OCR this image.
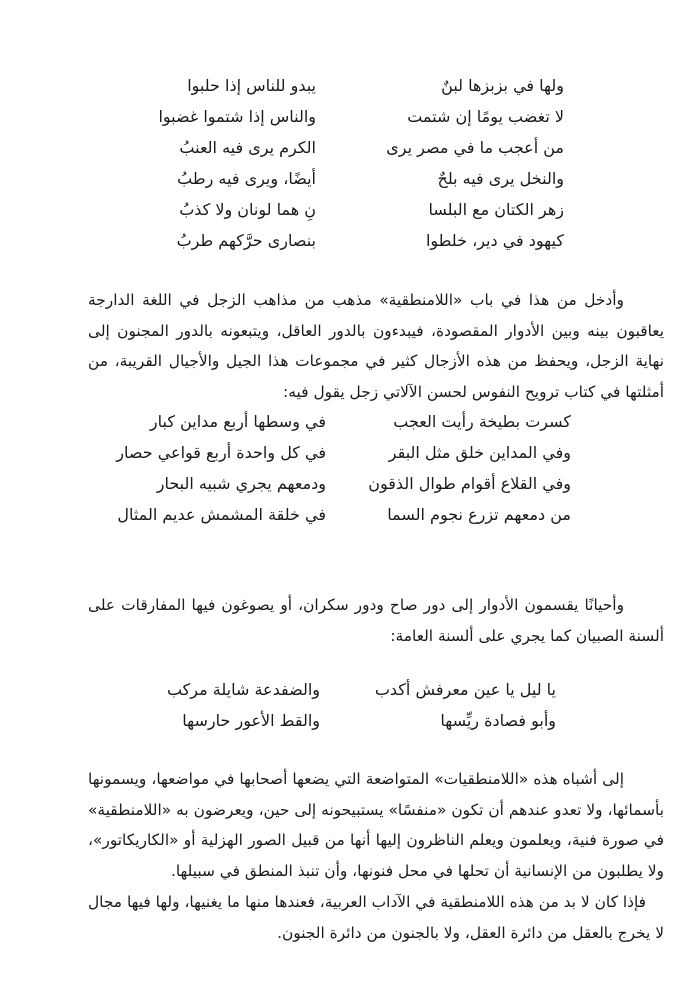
ولها في بزبزها لبنٌ
يبدو للناس إذا حلبوا
لا تغضب يومًا إن شتمت
والناس إذا شتموا غضبوا
من أعجب ما في مصر يرى
الكرم يرى فيه العنبُ
والنخل يرى فيه بلحٌ
أيضًا، ويرى فيه رطبُ
زهر الكتان مع البلسا
نِ هما لونان ولا كذبُ
كيهود في دير، خلطوا
بنصارى حرَّكهم طربُ

وأدخل من هذا في باب «اللامنطقية» مذهب من مذاهب الزجل في اللغة الدارجة يعاقبون بينه وبين الأدوار المقصودة، فيبدءون بالدور العاقل، ويتبعونه بالدور المجنون إلى نهاية الزجل، ويحفظ من هذه الأزجال كثير في مجموعات هذا الجيل والأجيال القريبة، من أمثلتها في كتاب ترويح النفوس لحسن الآلاتي زجل يقول فيه:

كسرت بطيخة رأيت العجب
في وسطها أربع مداين كبار
وفي المداين خلق مثل البقر
في كل واحدة أربع قواعي حصار
وفي القلاع أقوام طوال الذقون
ودمعهم يجري شبيه البحار
من دمعهم تزرع نجوم السما
في خلقة المشمش عديم المثال

وأحيانًا يقسمون الأدوار إلى دور صاح ودور سكران، أو يصوغون فيها المفارقات على ألسنة الصبيان كما يجري على ألسنة العامة:

يا ليل يا عين معرفش أكدب
والضفدعة شايلة مركب
وأبو فصادة ريِّسها
والقط الأعور حارسها

إلى أشباه هذه «اللامنطقيات» المتواضعة التي يضعها أصحابها في مواضعها، ويسمونها بأسمائها، ولا تعدو عندهم أن تكون «منفسًا» يستبيحونه إلى حين، ويعرضون به «اللامنطقية» في صورة فنية، ويعلمون ويعلم الناظرون إليها أنها من قبيل الصور الهزلية أو «الكاريكاتور»، ولا يطلبون من الإنسانية أن تحلها في محل فنونها، وأن تنبذ المنطق في سبيلها.

فإذا كان لا بد من هذه اللامنطقية في الآداب العربية، فعندها منها ما يغنيها، ولها فيها مجال لا يخرج بالعقل من دائرة العقل، ولا بالجنون من دائرة الجنون.
